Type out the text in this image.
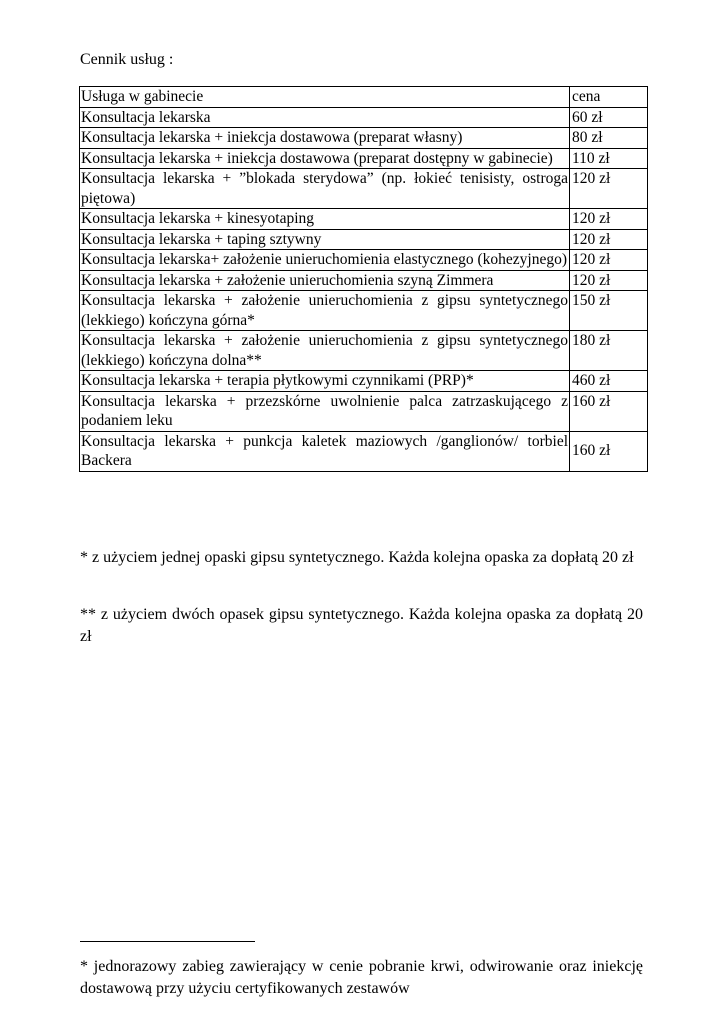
Cennik usług :
Usługa w gabinecie	cena
Konsultacja lekarska	60 zł
Konsultacja lekarska + iniekcja dostawowa (preparat własny)	80 zł
Konsultacja lekarska + iniekcja dostawowa (preparat dostępny w gabinecie)	110 zł
Konsultacja lekarska + ”blokada sterydowa” (np. łokieć tenisisty, ostroga piętowa)	120 zł
Konsultacja lekarska + kinesyotaping	120 zł
Konsultacja lekarska + taping sztywny	120 zł
Konsultacja lekarska+ założenie unieruchomienia elastycznego (kohezyjnego)	120 zł
Konsultacja lekarska + założenie unieruchomienia szyną Zimmera	120 zł
Konsultacja lekarska + założenie unieruchomienia z gipsu syntetycznego (lekkiego) kończyna górna*	150 zł
Konsultacja lekarska + założenie unieruchomienia z gipsu syntetycznego (lekkiego) kończyna dolna**	180 zł
Konsultacja lekarska + terapia płytkowymi czynnikami (PRP)*	460 zł
Konsultacja lekarska + przezskórne uwolnienie palca zatrzaskującego z podaniem leku	160 zł
Konsultacja lekarska + punkcja kaletek maziowych /ganglionów/ torbiel Backera	160 zł
* z użyciem jednej opaski gipsu syntetycznego. Każda kolejna opaska za dopłatą 20 zł
** z użyciem dwóch opasek gipsu syntetycznego. Każda kolejna opaska za dopłatą 20 zł
* jednorazowy zabieg zawierający w cenie pobranie krwi, odwirowanie oraz iniekcję dostawową przy użyciu certyfikowanych zestawów
